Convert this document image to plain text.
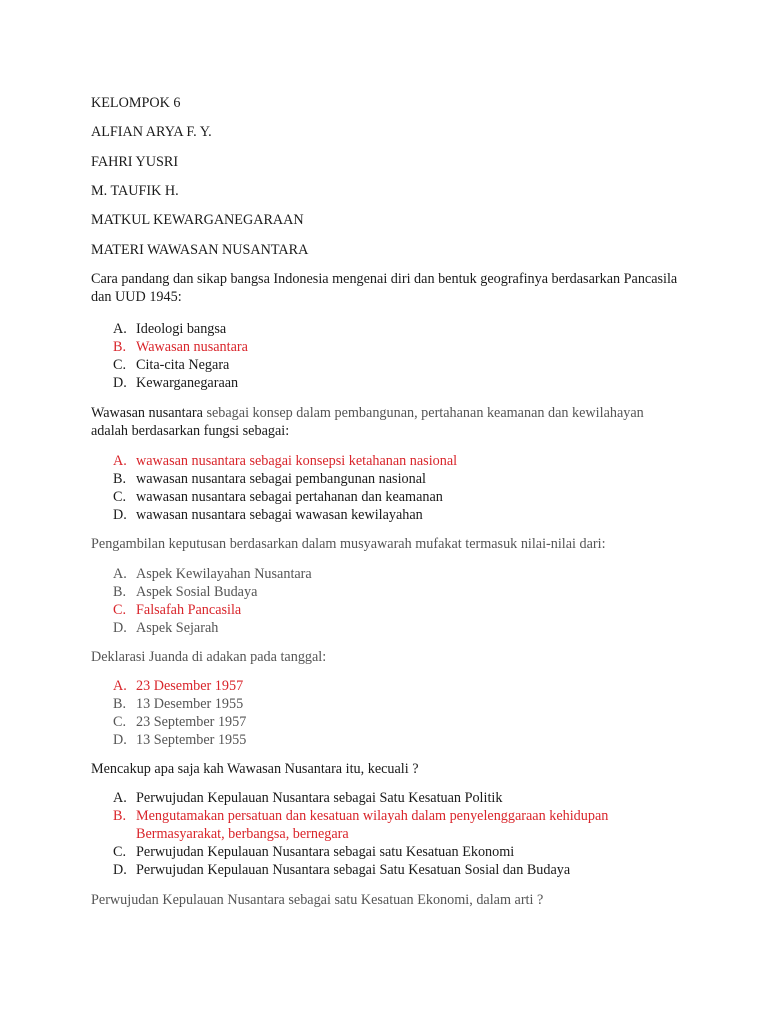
KELOMPOK 6
ALFIAN ARYA F. Y.
FAHRI YUSRI
M. TAUFIK H.
MATKUL KEWARGANEGARAAN
MATERI WAWASAN NUSANTARA
Cara pandang dan sikap bangsa Indonesia mengenai diri dan bentuk geografinya berdasarkan Pancasila dan UUD 1945:
A. Ideologi bangsa
B. Wawasan nusantara
C. Cita-cita Negara
D. Kewarganegaraan
Wawasan nusantara sebagai konsep dalam pembangunan, pertahanan keamanan dan kewilahayan
adalah berdasarkan fungsi sebagai:
A. wawasan nusantara sebagai konsepsi ketahanan nasional
B. wawasan nusantara sebagai pembangunan nasional
C. wawasan nusantara sebagai pertahanan dan keamanan
D. wawasan nusantara sebagai wawasan kewilayahan
Pengambilan keputusan berdasarkan dalam musyawarah mufakat termasuk nilai-nilai dari:
A. Aspek Kewilayahan Nusantara
B. Aspek Sosial Budaya
C. Falsafah Pancasila
D. Aspek Sejarah
Deklarasi Juanda di adakan pada tanggal:
A. 23 Desember 1957
B. 13 Desember 1955
C. 23 September 1957
D. 13 September 1955
Mencakup apa saja kah Wawasan Nusantara itu, kecuali ?
A. Perwujudan Kepulauan Nusantara sebagai Satu Kesatuan Politik
B. Mengutamakan persatuan dan kesatuan wilayah dalam penyelenggaraan kehidupan Bermasyarakat, berbangsa, bernegara
C. Perwujudan Kepulauan Nusantara sebagai satu Kesatuan Ekonomi
D. Perwujudan Kepulauan Nusantara sebagai Satu Kesatuan Sosial dan Budaya
Perwujudan Kepulauan Nusantara sebagai satu Kesatuan Ekonomi, dalam arti ?
